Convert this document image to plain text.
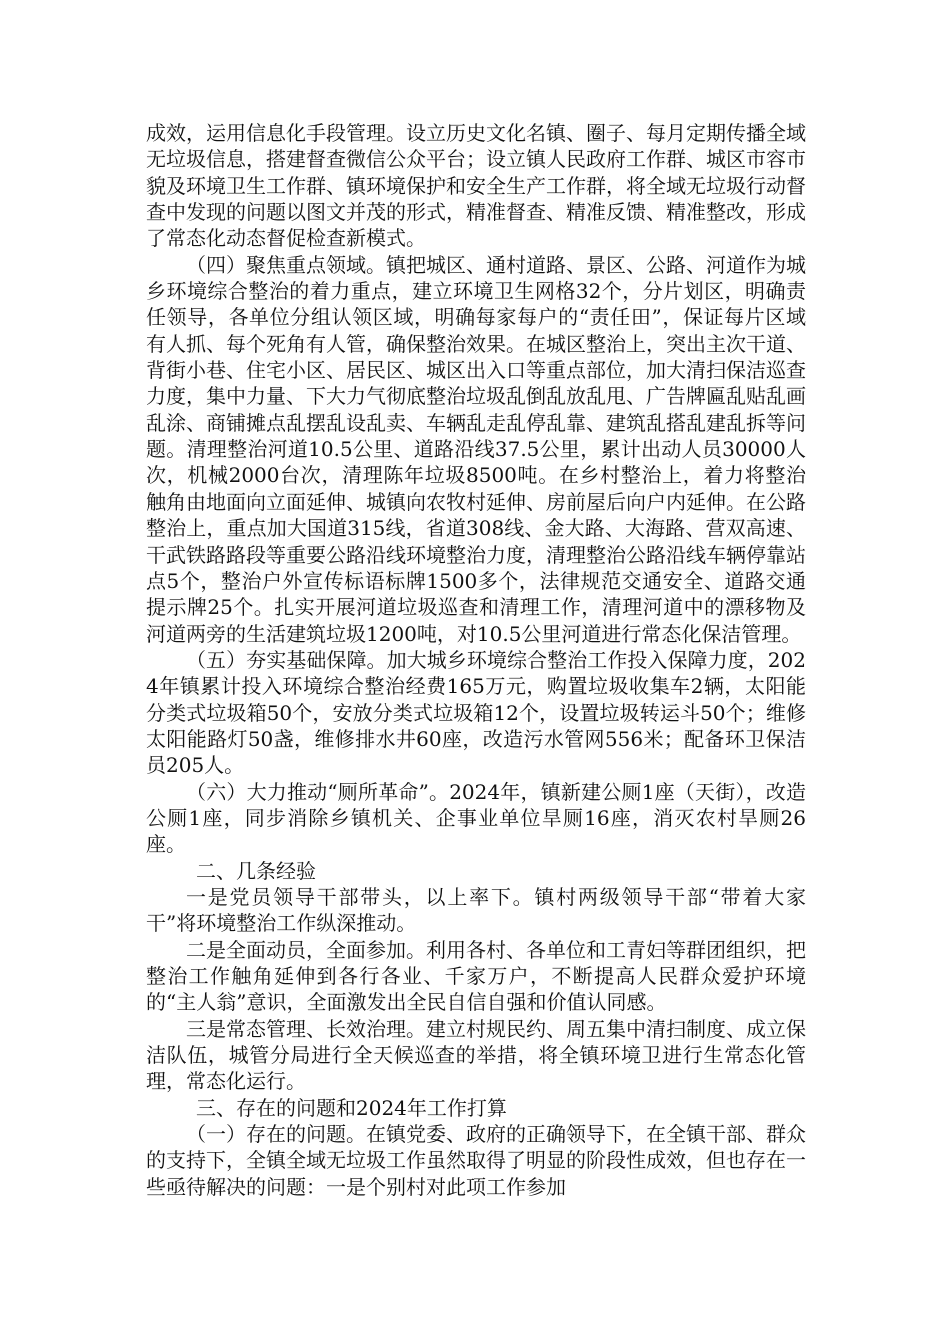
成效，运用信息化手段管理。设立历史文化名镇、圈子、每月定期传播全域无垃圾信息，搭建督查微信公众平台；设立镇人民政府工作群、城区市容市貌及环境卫生工作群、镇环境保护和安全生产工作群，将全域无垃圾行动督查中发现的问题以图文并茂的形式，精准督查、精准反馈、精准整改，形成了常态化动态督促检查新模式。

（四）聚焦重点领域。镇把城区、通村道路、景区、公路、河道作为城乡环境综合整治的着力重点，建立环境卫生网格32个，分片划区，明确责任领导，各单位分组认领区域，明确每家每户的“责任田”，保证每片区域有人抓、每个死角有人管，确保整治效果。在城区整治上，突出主次干道、背街小巷、住宅小区、居民区、城区出入口等重点部位，加大清扫保洁巡查力度，集中力量、下大力气彻底整治垃圾乱倒乱放乱甩、广告牌匾乱贴乱画乱涂、商铺摊点乱摆乱设乱卖、车辆乱走乱停乱靠、建筑乱搭乱建乱拆等问题。清理整治河道10.5公里、道路沿线37.5公里，累计出动人员30000人次，机械2000台次，清理陈年垃圾8500吨。在乡村整治上，着力将整治触角由地面向立面延伸、城镇向农牧村延伸、房前屋后向户内延伸。在公路整治上，重点加大国道315线，省道308线、金大路、大海路、营双高速、干武铁路路段等重要公路沿线环境整治力度，清理整治公路沿线车辆停靠站点5个，整治户外宣传标语标牌1500多个，法律规范交通安全、道路交通提示牌25个。扎实开展河道垃圾巡查和清理工作，清理河道中的漂移物及河道两旁的生活建筑垃圾1200吨，对10.5公里河道进行常态化保洁管理。

（五）夯实基础保障。加大城乡环境综合整治工作投入保障力度，2024年镇累计投入环境综合整治经费165万元，购置垃圾收集车2辆，太阳能分类式垃圾箱50个，安放分类式垃圾箱12个，设置垃圾转运斗50个；维修太阳能路灯50盏，维修排水井60座，改造污水管网556米；配备环卫保洁员205人。

（六）大力推动“厕所革命”。2024年，镇新建公厕1座（天街），改造公厕1座，同步消除乡镇机关、企事业单位旱厕16座，消灭农村旱厕26座。

二、几条经验

一是党员领导干部带头，以上率下。镇村两级领导干部“带着大家干”将环境整治工作纵深推动。

二是全面动员，全面参加。利用各村、各单位和工青妇等群团组织，把整治工作触角延伸到各行各业、千家万户，不断提高人民群众爱护环境的“主人翁”意识，全面激发出全民自信自强和价值认同感。

三是常态管理、长效治理。建立村规民约、周五集中清扫制度、成立保洁队伍，城管分局进行全天候巡查的举措，将全镇环境卫进行生常态化管理，常态化运行。

三、存在的问题和2024年工作打算

（一）存在的问题。在镇党委、政府的正确领导下，在全镇干部、群众的支持下，全镇全域无垃圾工作虽然取得了明显的阶段性成效，但也存在一些亟待解决的问题：一是个别村对此项工作参加
